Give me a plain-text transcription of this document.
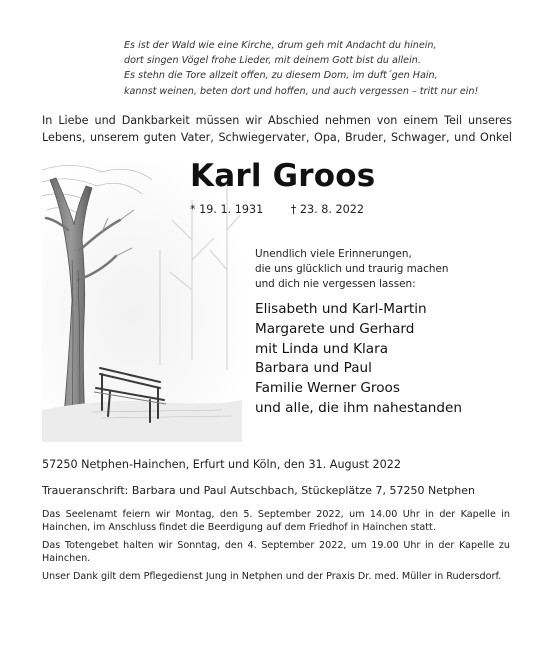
Es ist der Wald wie eine Kirche, drum geh mit Andacht du hinein,
dort singen Vögel frohe Lieder, mit deinem Gott bist du allein.
Es stehn die Tore allzeit offen, zu diesem Dom, im duft´gen Hain,
kannst weinen, beten dort und hoffen, und auch vergessen – tritt nur ein!
In Liebe und Dankbarkeit müssen wir Abschied nehmen von einem Teil unseres
Lebens, unserem guten Vater, Schwiegervater, Opa, Bruder, Schwager, und Onkel
Karl Groos
* 19. 1. 1931 † 23. 8. 2022
Unendlich viele Erinnerungen,
die uns glücklich und traurig machen
und dich nie vergessen lassen:
Elisabeth und Karl-Martin
Margarete und Gerhard
mit Linda und Klara
Barbara und Paul
Familie Werner Groos
und alle, die ihm nahestanden
57250 Netphen-Hainchen, Erfurt und Köln, den 31. August 2022
Traueranschrift: Barbara und Paul Autschbach, Stückeplätze 7, 57250 Netphen

Das Seelenamt feiern wir Montag, den 5. September 2022, um 14.00 Uhr in der Kapelle in Hainchen, im Anschluss findet die Beerdigung auf dem Friedhof in Hainchen statt.

Das Totengebet halten wir Sonntag, den 4. September 2022, um 19.00 Uhr in der Kapelle zu Hainchen.

Unser Dank gilt dem Pflegedienst Jung in Netphen und der Praxis Dr. med. Müller in Rudersdorf.
